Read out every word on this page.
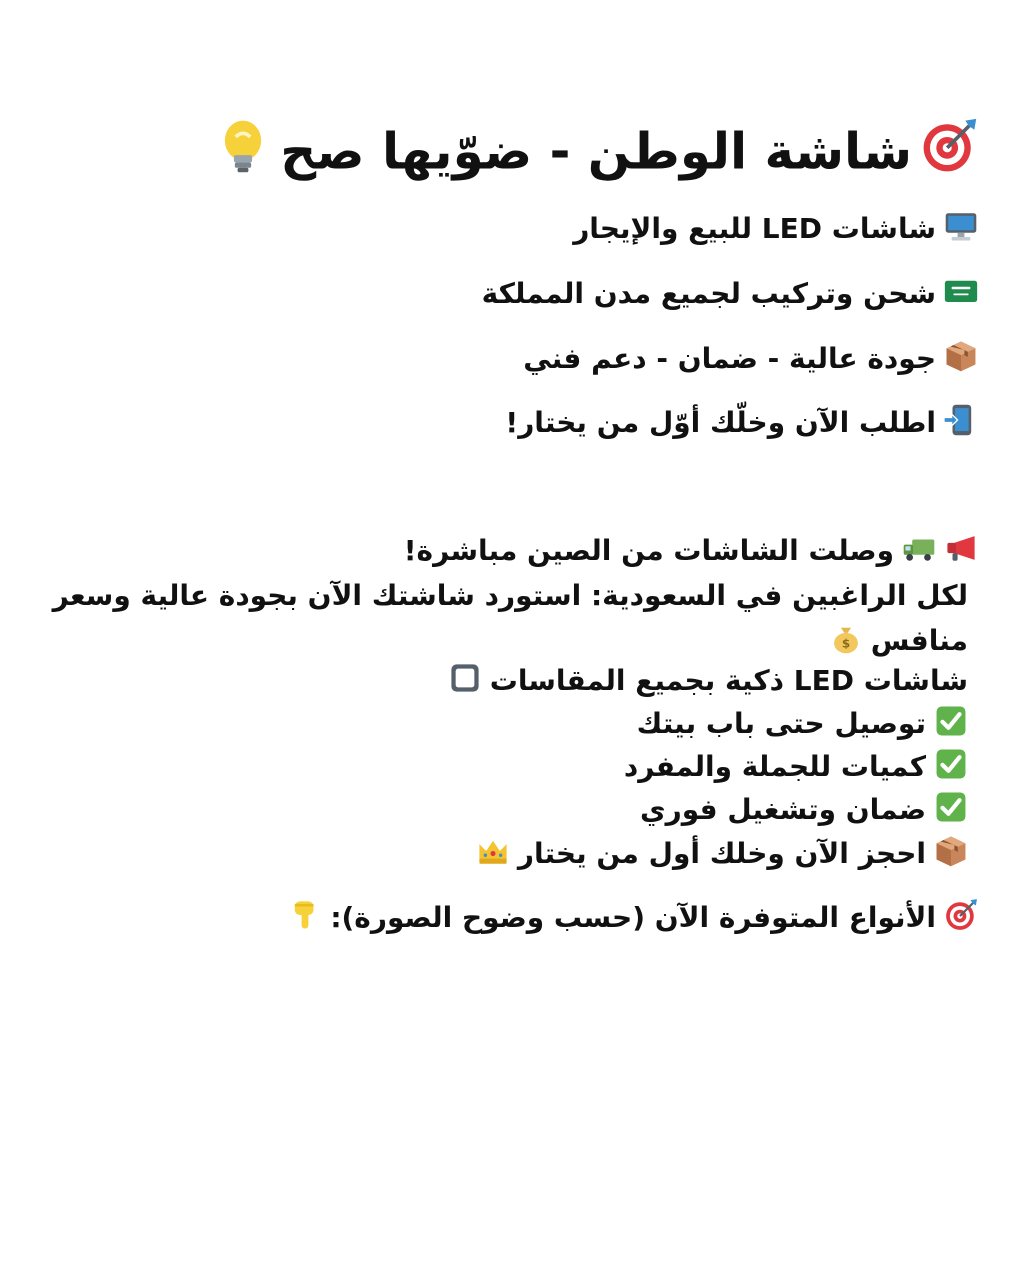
شاشة الوطن - ضوّيها صح
شاشات LED للبيع والإيجار
شحن وتركيب لجميع مدن المملكة
جودة عالية - ضمان - دعم فني
اطلب الآن وخلّك أوّل من يختار!
وصلت الشاشات من الصين مباشرة!
لكل الراغبين في السعودية: استورد شاشتك الآن بجودة عالية وسعر منافس
$
شاشات LED ذكية بجميع المقاسات
توصيل حتى باب بيتك
كميات للجملة والمفرد
ضمان وتشغيل فوري
احجز الآن وخلك أول من يختار
الأنواع المتوفرة الآن (حسب وضوح الصورة):
